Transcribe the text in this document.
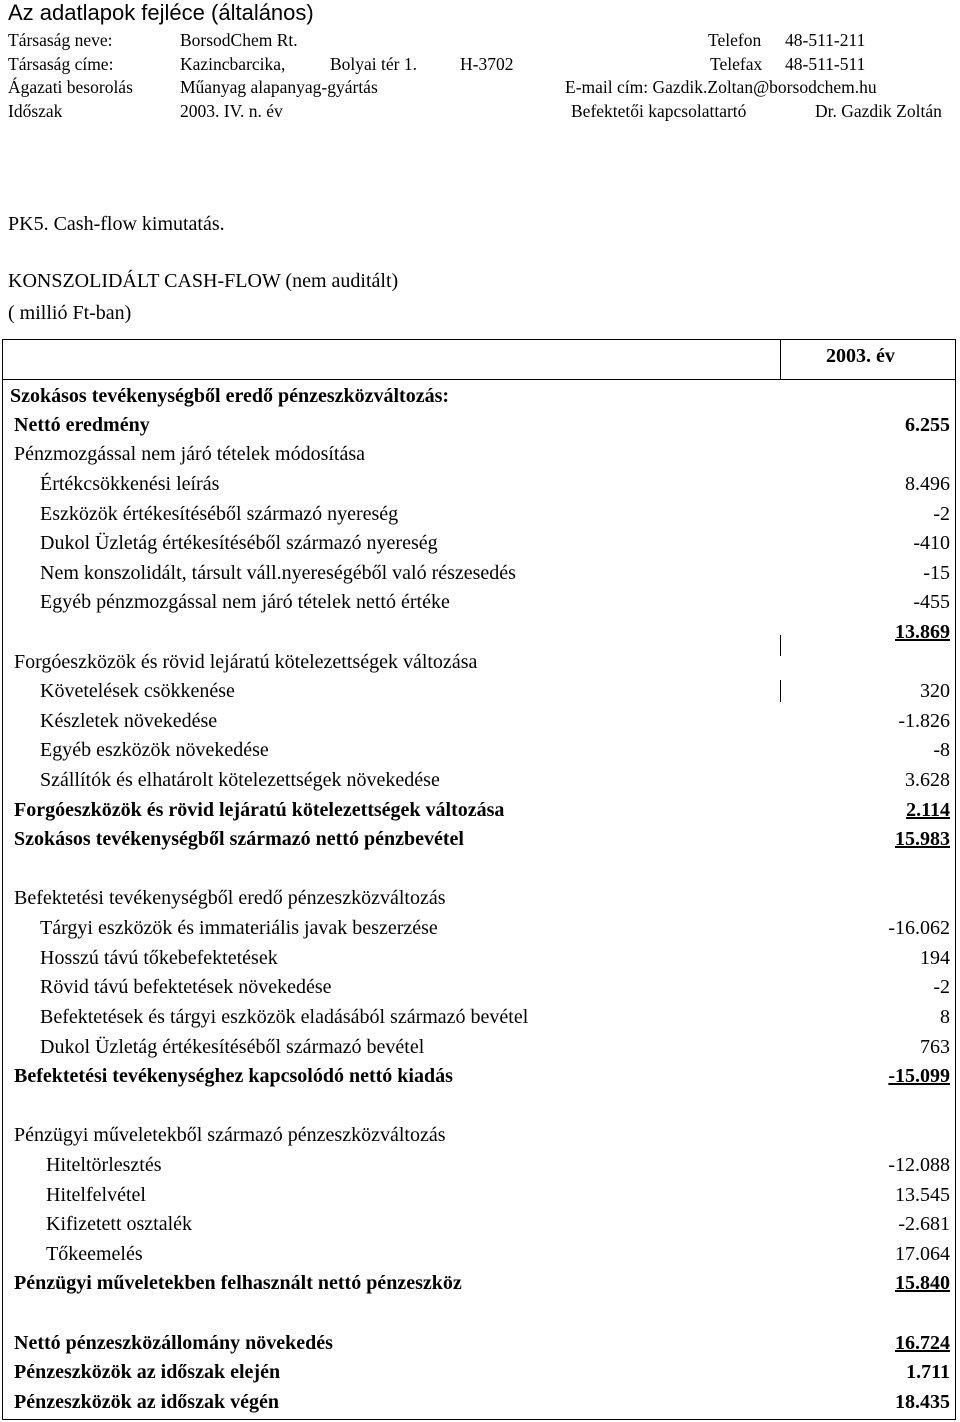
Az adatlapok fejléce (általános)
Társaság neve:	BorsodChem Rt.	Telefon 48-511-211
Társaság címe:	Kazincbarcika,	Bolyai tér 1. H-3702	Telefax 48-511-511
Ágazati besorolás	Műanyag alapanyag-gyártás	E-mail cím: Gazdik.Zoltan@borsodchem.hu
Időszak	2003. IV. n. év	Befektetői kapcsolattartó	Dr. Gazdik Zoltán
PK5. Cash-flow kimutatás.
KONSZOLIDÁLT CASH-FLOW (nem auditált)
( millió Ft-ban)
2003. év
Szokásos tevékenységből eredő pénzeszközváltozás:
Nettó eredmény	6.255
Pénzmozgással nem járó tételek módosítása
Értékcsökkenési leírás	8.496
Eszközök értékesítéséből származó nyereség	-2
Dukol Üzletág értékesítéséből származó nyereség	-410
Nem konszolidált, társult váll.nyereségéből való részesedés	-15
Egyéb pénzmozgással nem járó tételek nettó értéke	-455
13.869
Forgóeszközök és rövid lejáratú kötelezettségek változása
Követelések csökkenése	320
Készletek növekedése	-1.826
Egyéb eszközök növekedése	-8
Szállítók és elhatárolt kötelezettségek növekedése	3.628
Forgóeszközök és rövid lejáratú kötelezettségek változása	2.114
Szokásos tevékenységből származó nettó pénzbevétel	15.983
Befektetési tevékenységből eredő pénzeszközváltozás
Tárgyi eszközök és immateriális javak beszerzése	-16.062
Hosszú távú tőkebefektetések	194
Rövid távú befektetések növekedése	-2
Befektetések és tárgyi eszközök eladásából származó bevétel	8
Dukol Üzletág értékesítéséből származó bevétel	763
Befektetési tevékenységhez kapcsolódó nettó kiadás	-15.099
Pénzügyi műveletekből származó pénzeszközváltozás
Hiteltörlesztés	-12.088
Hitelfelvétel	13.545
Kifizetett osztalék	-2.681
Tőkeemelés	17.064
Pénzügyi műveletekben felhasznált nettó pénzeszköz	15.840
Nettó pénzeszközállomány növekedés	16.724
Pénzeszközök az időszak elején	1.711
Pénzeszközök az időszak végén	18.435
